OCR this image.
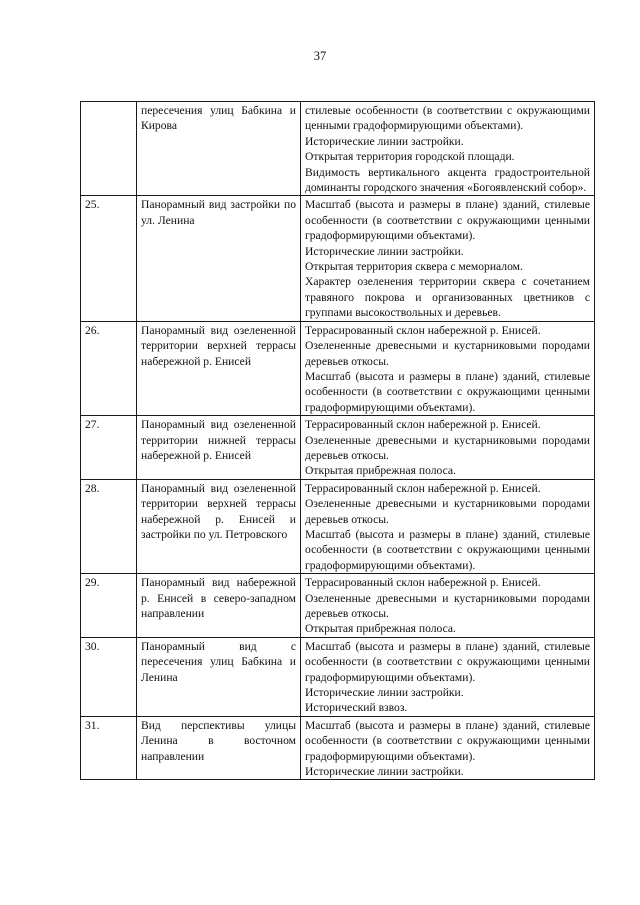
37

	пересечения улиц Бабкина и Кирова	стилевые особенности (в соответствии с окружающими ценными градоформирующими объектами).
Исторические линии застройки.
Открытая территория городской площади.
Видимость вертикального акцента градостроительной доминанты городского значения «Богоявленский собор».

25.	Панорамный вид застройки по ул. Ленина	Масштаб (высота и размеры в плане) зданий, стилевые особенности (в соответствии с окружающими ценными градоформирующими объектами).
Исторические линии застройки.
Открытая территория сквера с мемориалом.
Характер озеленения территории сквера с сочетанием травяного покрова и организованных цветников с группами высокоствольных и деревьев.

26.	Панорамный вид озелененной территории верхней террасы набережной р. Енисей	Террасированный склон набережной р. Енисей.
Озелененные древесными и кустарниковыми породами деревьев откосы.
Масштаб (высота и размеры в плане) зданий, стилевые особенности (в соответствии с окружающими ценными градоформирующими объектами).

27.	Панорамный вид озелененной территории нижней террасы набережной р. Енисей	Террасированный склон набережной р. Енисей.
Озелененные древесными и кустарниковыми породами деревьев откосы.
Открытая прибрежная полоса.

28.	Панорамный вид озелененной территории верхней террасы набережной р. Енисей и застройки по ул. Петровского	Террасированный склон набережной р. Енисей.
Озелененные древесными и кустарниковыми породами деревьев откосы.
Масштаб (высота и размеры в плане) зданий, стилевые особенности (в соответствии с окружающими ценными градоформирующими объектами).

29.	Панорамный вид набережной р. Енисей в северо-западном направлении	Террасированный склон набережной р. Енисей.
Озелененные древесными и кустарниковыми породами деревьев откосы.
Открытая прибрежная полоса.

30.	Панорамный вид с пересечения улиц Бабкина и Ленина	Масштаб (высота и размеры в плане) зданий, стилевые особенности (в соответствии с окружающими ценными градоформирующими объектами).
Исторические линии застройки.
Исторический взвоз.

31.	Вид перспективы улицы Ленина в восточном направлении	Масштаб (высота и размеры в плане) зданий, стилевые особенности (в соответствии с окружающими ценными градоформирующими объектами).
Исторические линии застройки.
